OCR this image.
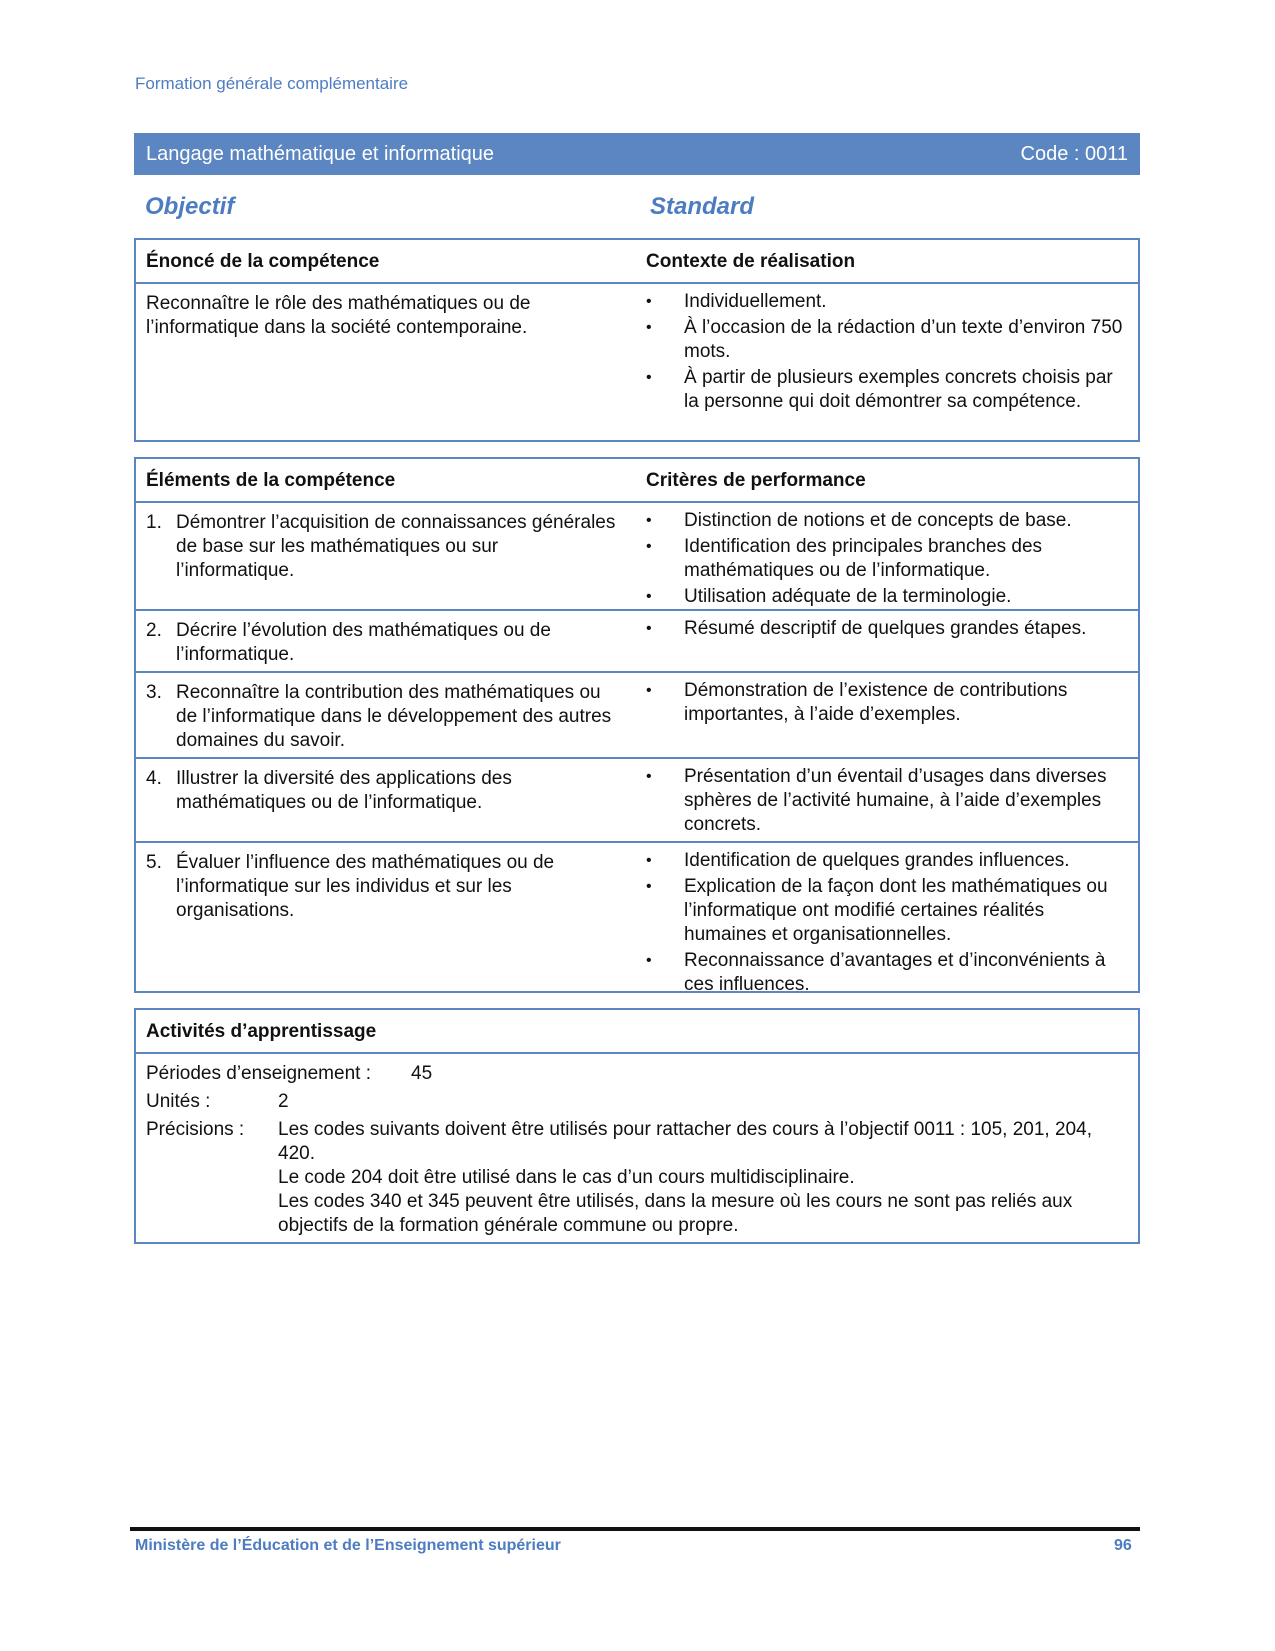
Formation générale complémentaire
Langage mathématique et informatique	Code : 0011
Objectif	Standard
Énoncé de la compétence	Contexte de réalisation
Reconnaître le rôle des mathématiques ou de l’informatique dans la société contemporaine.
• Individuellement.
• À l’occasion de la rédaction d’un texte d’environ 750 mots.
• À partir de plusieurs exemples concrets choisis par la personne qui doit démontrer sa compétence.
Éléments de la compétence	Critères de performance
1. Démontrer l’acquisition de connaissances générales de base sur les mathématiques ou sur l’informatique.
• Distinction de notions et de concepts de base.
• Identification des principales branches des mathématiques ou de l’informatique.
• Utilisation adéquate de la terminologie.
2. Décrire l’évolution des mathématiques ou de l’informatique.
• Résumé descriptif de quelques grandes étapes.
3. Reconnaître la contribution des mathématiques ou de l’informatique dans le développement des autres domaines du savoir.
• Démonstration de l’existence de contributions importantes, à l’aide d’exemples.
4. Illustrer la diversité des applications des mathématiques ou de l’informatique.
• Présentation d’un éventail d’usages dans diverses sphères de l’activité humaine, à l’aide d’exemples concrets.
5. Évaluer l’influence des mathématiques ou de l’informatique sur les individus et sur les organisations.
• Identification de quelques grandes influences.
• Explication de la façon dont les mathématiques ou l’informatique ont modifié certaines réalités humaines et organisationnelles.
• Reconnaissance d’avantages et d’inconvénients à ces influences.
Activités d’apprentissage
Périodes d’enseignement : 45
Unités :	2
Précisions : Les codes suivants doivent être utilisés pour rattacher des cours à l’objectif 0011 : 105, 201, 204, 420.
Le code 204 doit être utilisé dans le cas d’un cours multidisciplinaire.
Les codes 340 et 345 peuvent être utilisés, dans la mesure où les cours ne sont pas reliés aux objectifs de la formation générale commune ou propre.
Ministère de l’Éducation et de l’Enseignement supérieur	96
